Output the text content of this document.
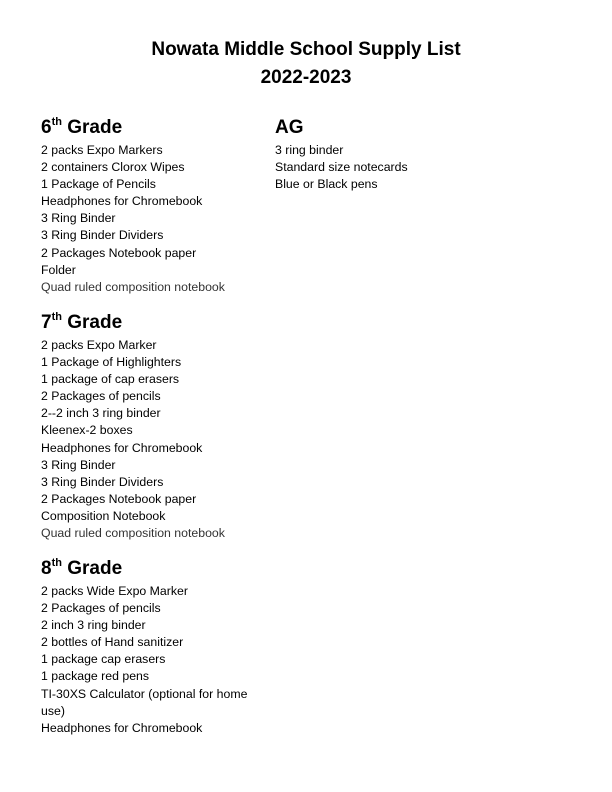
Nowata Middle School Supply List
2022-2023
6th Grade
2 packs Expo Markers
2 containers Clorox Wipes
1 Package of Pencils
Headphones for Chromebook
3 Ring Binder
3 Ring Binder Dividers
2 Packages Notebook paper
Folder
Quad ruled composition notebook
AG
3 ring binder
Standard size notecards
Blue or Black pens
7th Grade
2 packs Expo Marker
1 Package of Highlighters
1 package of cap erasers
2 Packages of pencils
2--2 inch 3 ring binder
Kleenex-2 boxes
Headphones for Chromebook
3 Ring Binder
3 Ring Binder Dividers
2 Packages Notebook paper
Composition Notebook
Quad ruled composition notebook
8th Grade
2 packs Wide Expo Marker
2 Packages of pencils
2 inch 3 ring binder
2 bottles of Hand sanitizer
1 package cap erasers
1 package red pens
TI-30XS Calculator (optional for home use)
Headphones for Chromebook
